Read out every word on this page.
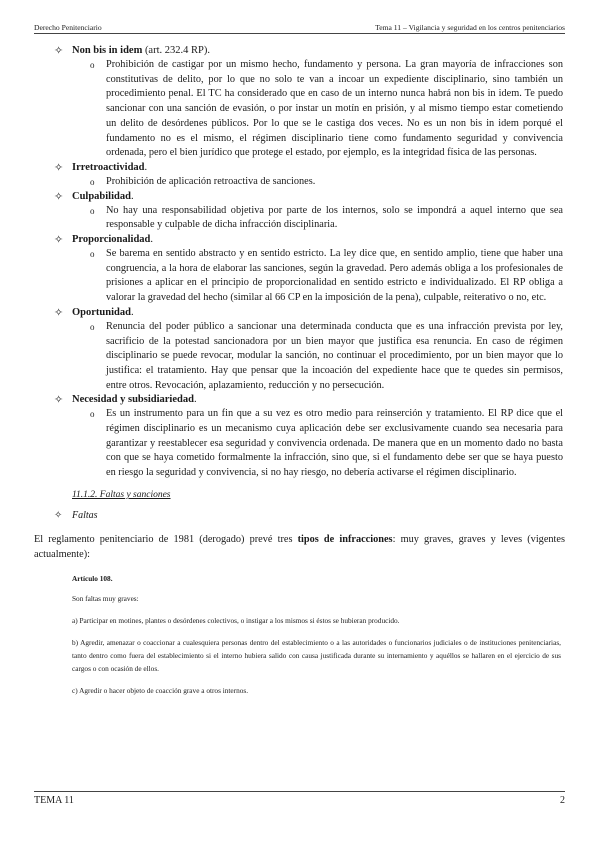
Derecho Penitenciario	Tema 11 – Vigilancia y seguridad en los centros penitenciarios
✧ Non bis in idem (art. 232.4 RP).
o Prohibición de castigar por un mismo hecho, fundamento y persona. La gran mayoría de infracciones son constitutivas de delito, por lo que no solo te van a incoar un expediente disciplinario, sino también un procedimiento penal. El TC ha considerado que en caso de un interno nunca habrá non bis in idem. Te puedo sancionar con una sanción de evasión, o por instar un motín en prisión, y al mismo tiempo estar cometiendo un delito de desórdenes públicos. Por lo que se le castiga dos veces. No es un non bis in idem porqué el fundamento no es el mismo, el régimen disciplinario tiene como fundamento seguridad y convivencia ordenada, pero el bien jurídico que protege el estado, por ejemplo, es la integridad física de las personas.
✧ Irretroactividad.
o Prohibición de aplicación retroactiva de sanciones.
✧ Culpabilidad.
o No hay una responsabilidad objetiva por parte de los internos, solo se impondrá a aquel interno que sea responsable y culpable de dicha infracción disciplinaria.
✧ Proporcionalidad.
o Se barema en sentido abstracto y en sentido estricto. La ley dice que, en sentido amplio, tiene que haber una congruencia, a la hora de elaborar las sanciones, según la gravedad. Pero además obliga a los profesionales de prisiones a aplicar en el principio de proporcionalidad en sentido estricto e individualizado. El RP obliga a valorar la gravedad del hecho (similar al 66 CP en la imposición de la pena), culpable, reiterativo o no, etc.
✧ Oportunidad.
o Renuncia del poder público a sancionar una determinada conducta que es una infracción prevista por ley, sacrificio de la potestad sancionadora por un bien mayor que justifica esa renuncia. En caso de régimen disciplinario se puede revocar, modular la sanción, no continuar el procedimiento, por un bien mayor que lo justifica: el tratamiento. Hay que pensar que la incoación del expediente hace que te quedes sin permisos, entre otros. Revocación, aplazamiento, reducción y no persecución.
✧ Necesidad y subsidiariedad.
o Es un instrumento para un fin que a su vez es otro medio para reinserción y tratamiento. El RP dice que el régimen disciplinario es un mecanismo cuya aplicación debe ser exclusivamente cuando sea necesaria para garantizar y reestablecer esa seguridad y convivencia ordenada. De manera que en un momento dado no basta con que se haya cometido formalmente la infracción, sino que, si el fundamento debe ser que se haya puesto en riesgo la seguridad y convivencia, si no hay riesgo, no debería activarse el régimen disciplinario.
11.1.2. Faltas y sanciones
✧ Faltas

El reglamento penitenciario de 1981 (derogado) prevé tres tipos de infracciones: muy graves, graves y leves (vigentes actualmente):

Artículo 108.

Son faltas muy graves:

a) Participar en motines, plantes o desórdenes colectivos, o instigar a los mismos si éstos se hubieran producido.

b) Agredir, amenazar o coaccionar a cualesquiera personas dentro del establecimiento o a las autoridades o funcionarios judiciales o de instituciones penitenciarias, tanto dentro como fuera del establecimiento si el interno hubiera salido con causa justificada durante su internamiento y aquéllos se hallaren en el ejercicio de sus cargos o con ocasión de ellos.

c) Agredir o hacer objeto de coacción grave a otros internos.

TEMA 11	2
